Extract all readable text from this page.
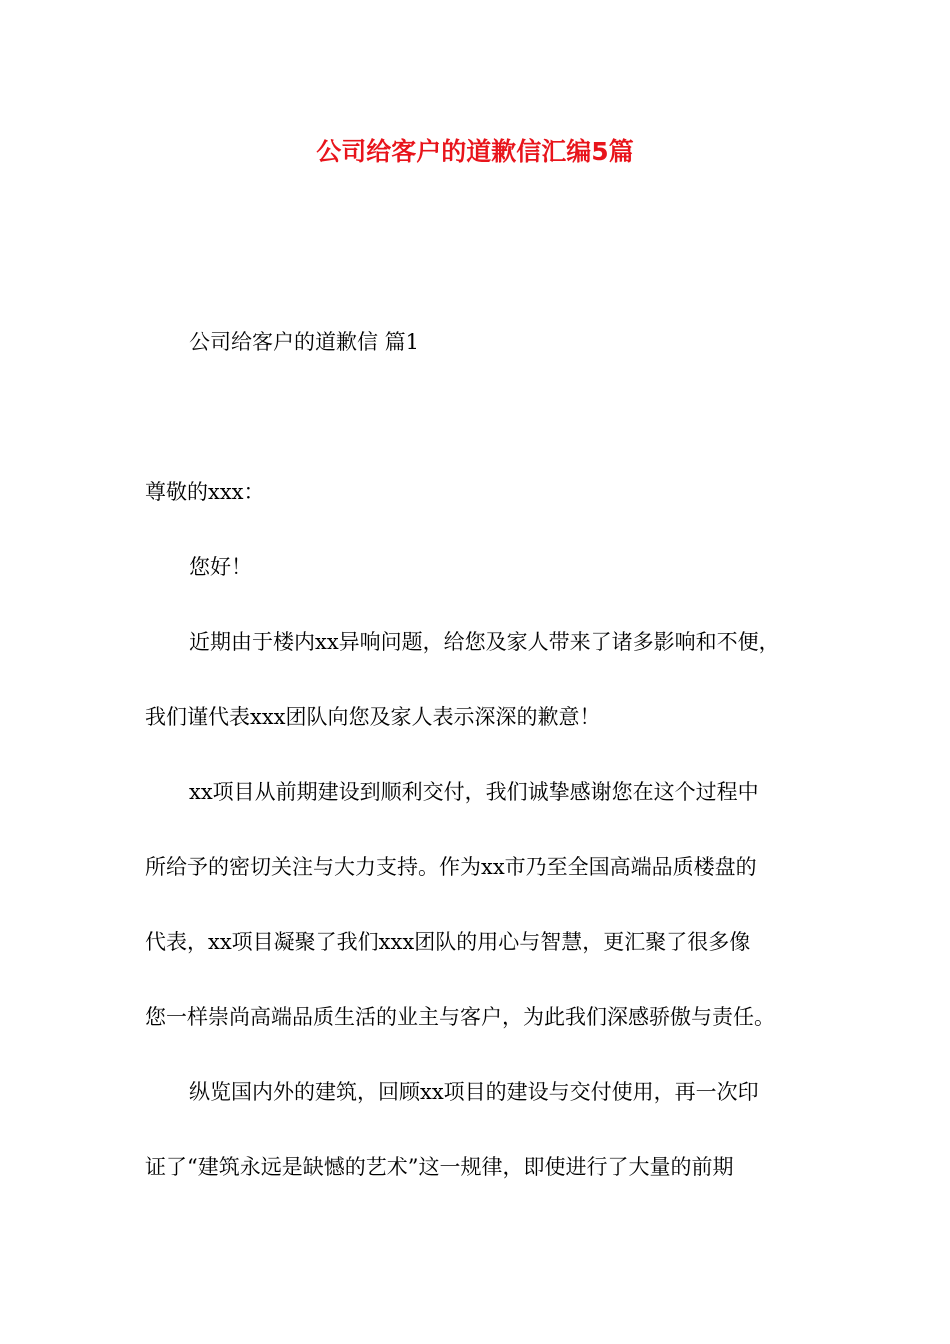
公司给客户的道歉信汇编5篇

公司给客户的道歉信 篇1

尊敬的xxx：
您好！
近期由于楼内xx异响问题，给您及家人带来了诸多影响和不便，
我们谨代表xxx团队向您及家人表示深深的歉意！
xx项目从前期建设到顺利交付，我们诚挚感谢您在这个过程中
所给予的密切关注与大力支持。作为xx市乃至全国高端品质楼盘的
代表，xx项目凝聚了我们xxx团队的用心与智慧，更汇聚了很多像
您一样崇尚高端品质生活的业主与客户，为此我们深感骄傲与责任。
纵览国内外的建筑，回顾xx项目的建设与交付使用，再一次印
证了“建筑永远是缺憾的艺术”这一规律，即使进行了大量的前期
